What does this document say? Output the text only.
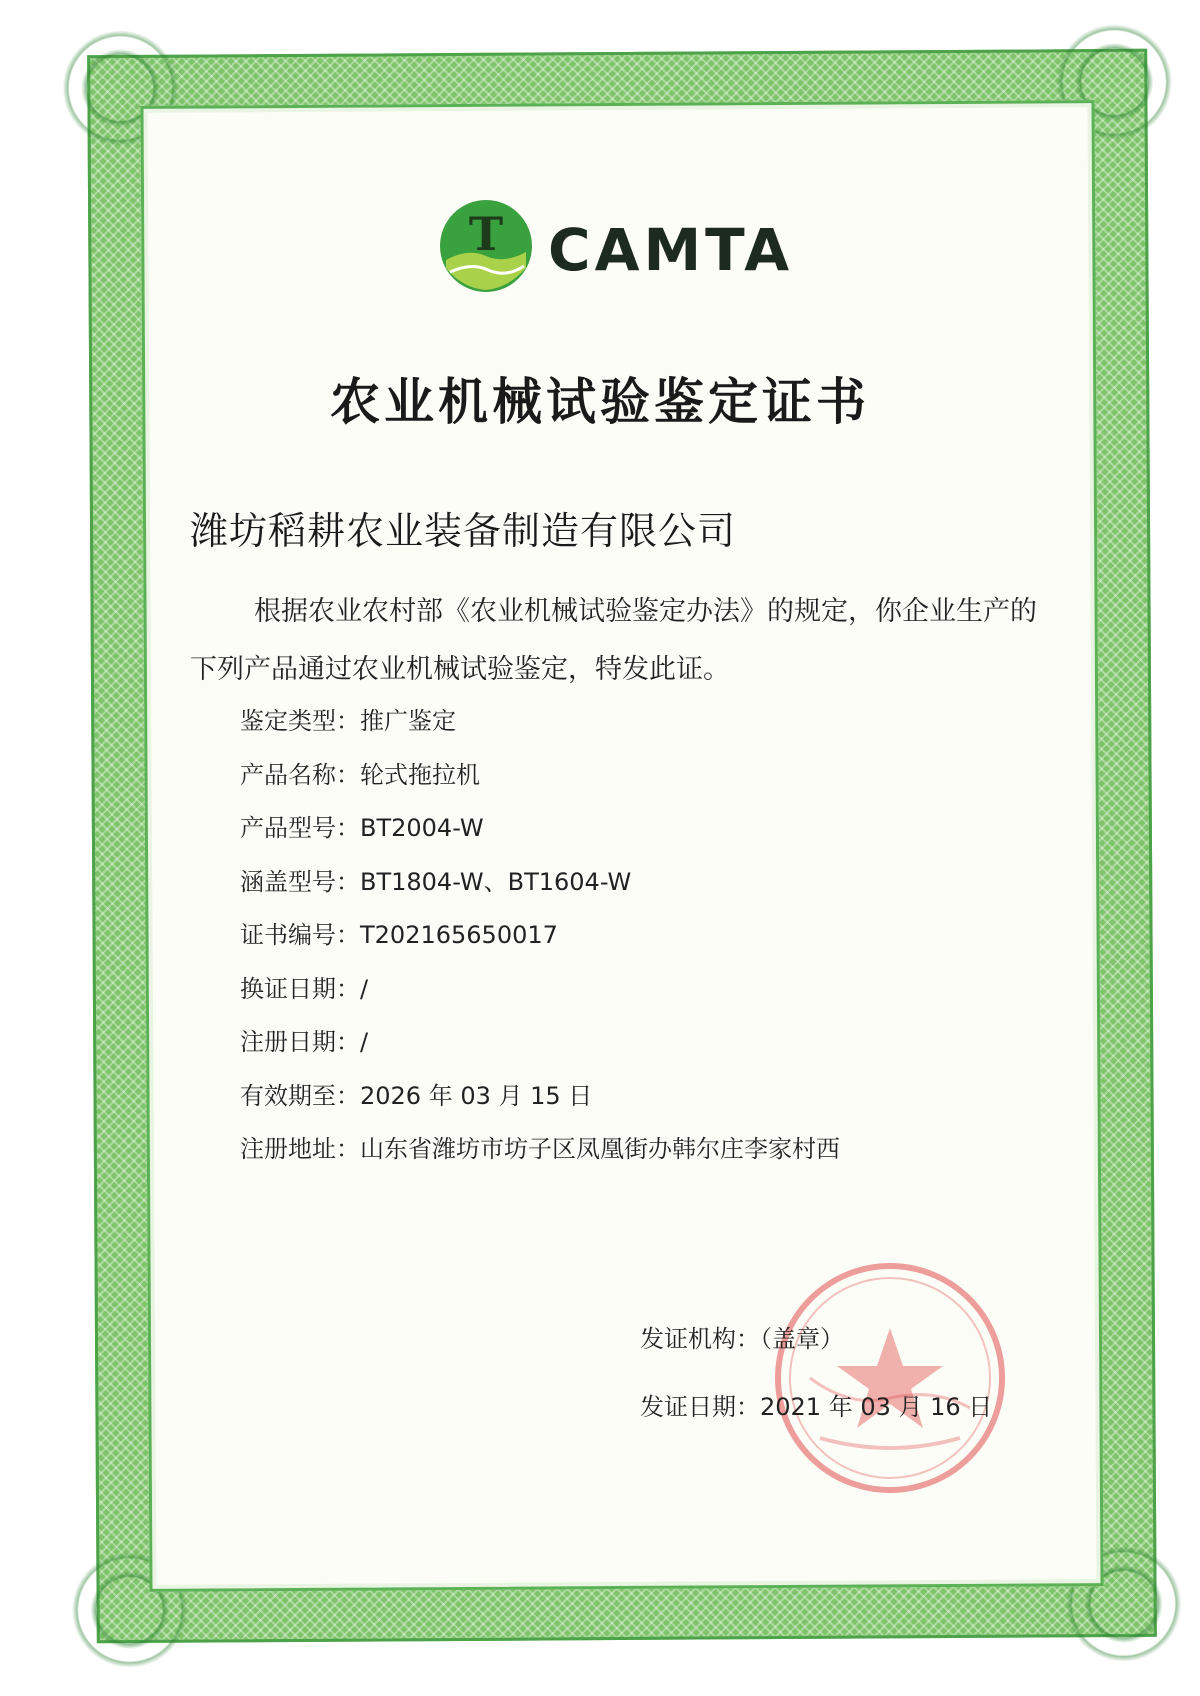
T CAMTA
农业机械试验鉴定证书
潍坊稻耕农业装备制造有限公司
根据农业农村部《农业机械试验鉴定办法》的规定，你企业生产的下列产品通过农业机械试验鉴定，特发此证。
鉴定类型：推广鉴定
产品名称：轮式拖拉机
产品型号：BT2004-W
涵盖型号：BT1804-W、BT1604-W
证书编号：T202165650017
换证日期：/
注册日期：/
有效期至：2026 年 03 月 15 日
注册地址：山东省潍坊市坊子区凤凰街办韩尔庄李家村西
发证机构：（盖章）
发证日期：2021 年 03 月 16 日
